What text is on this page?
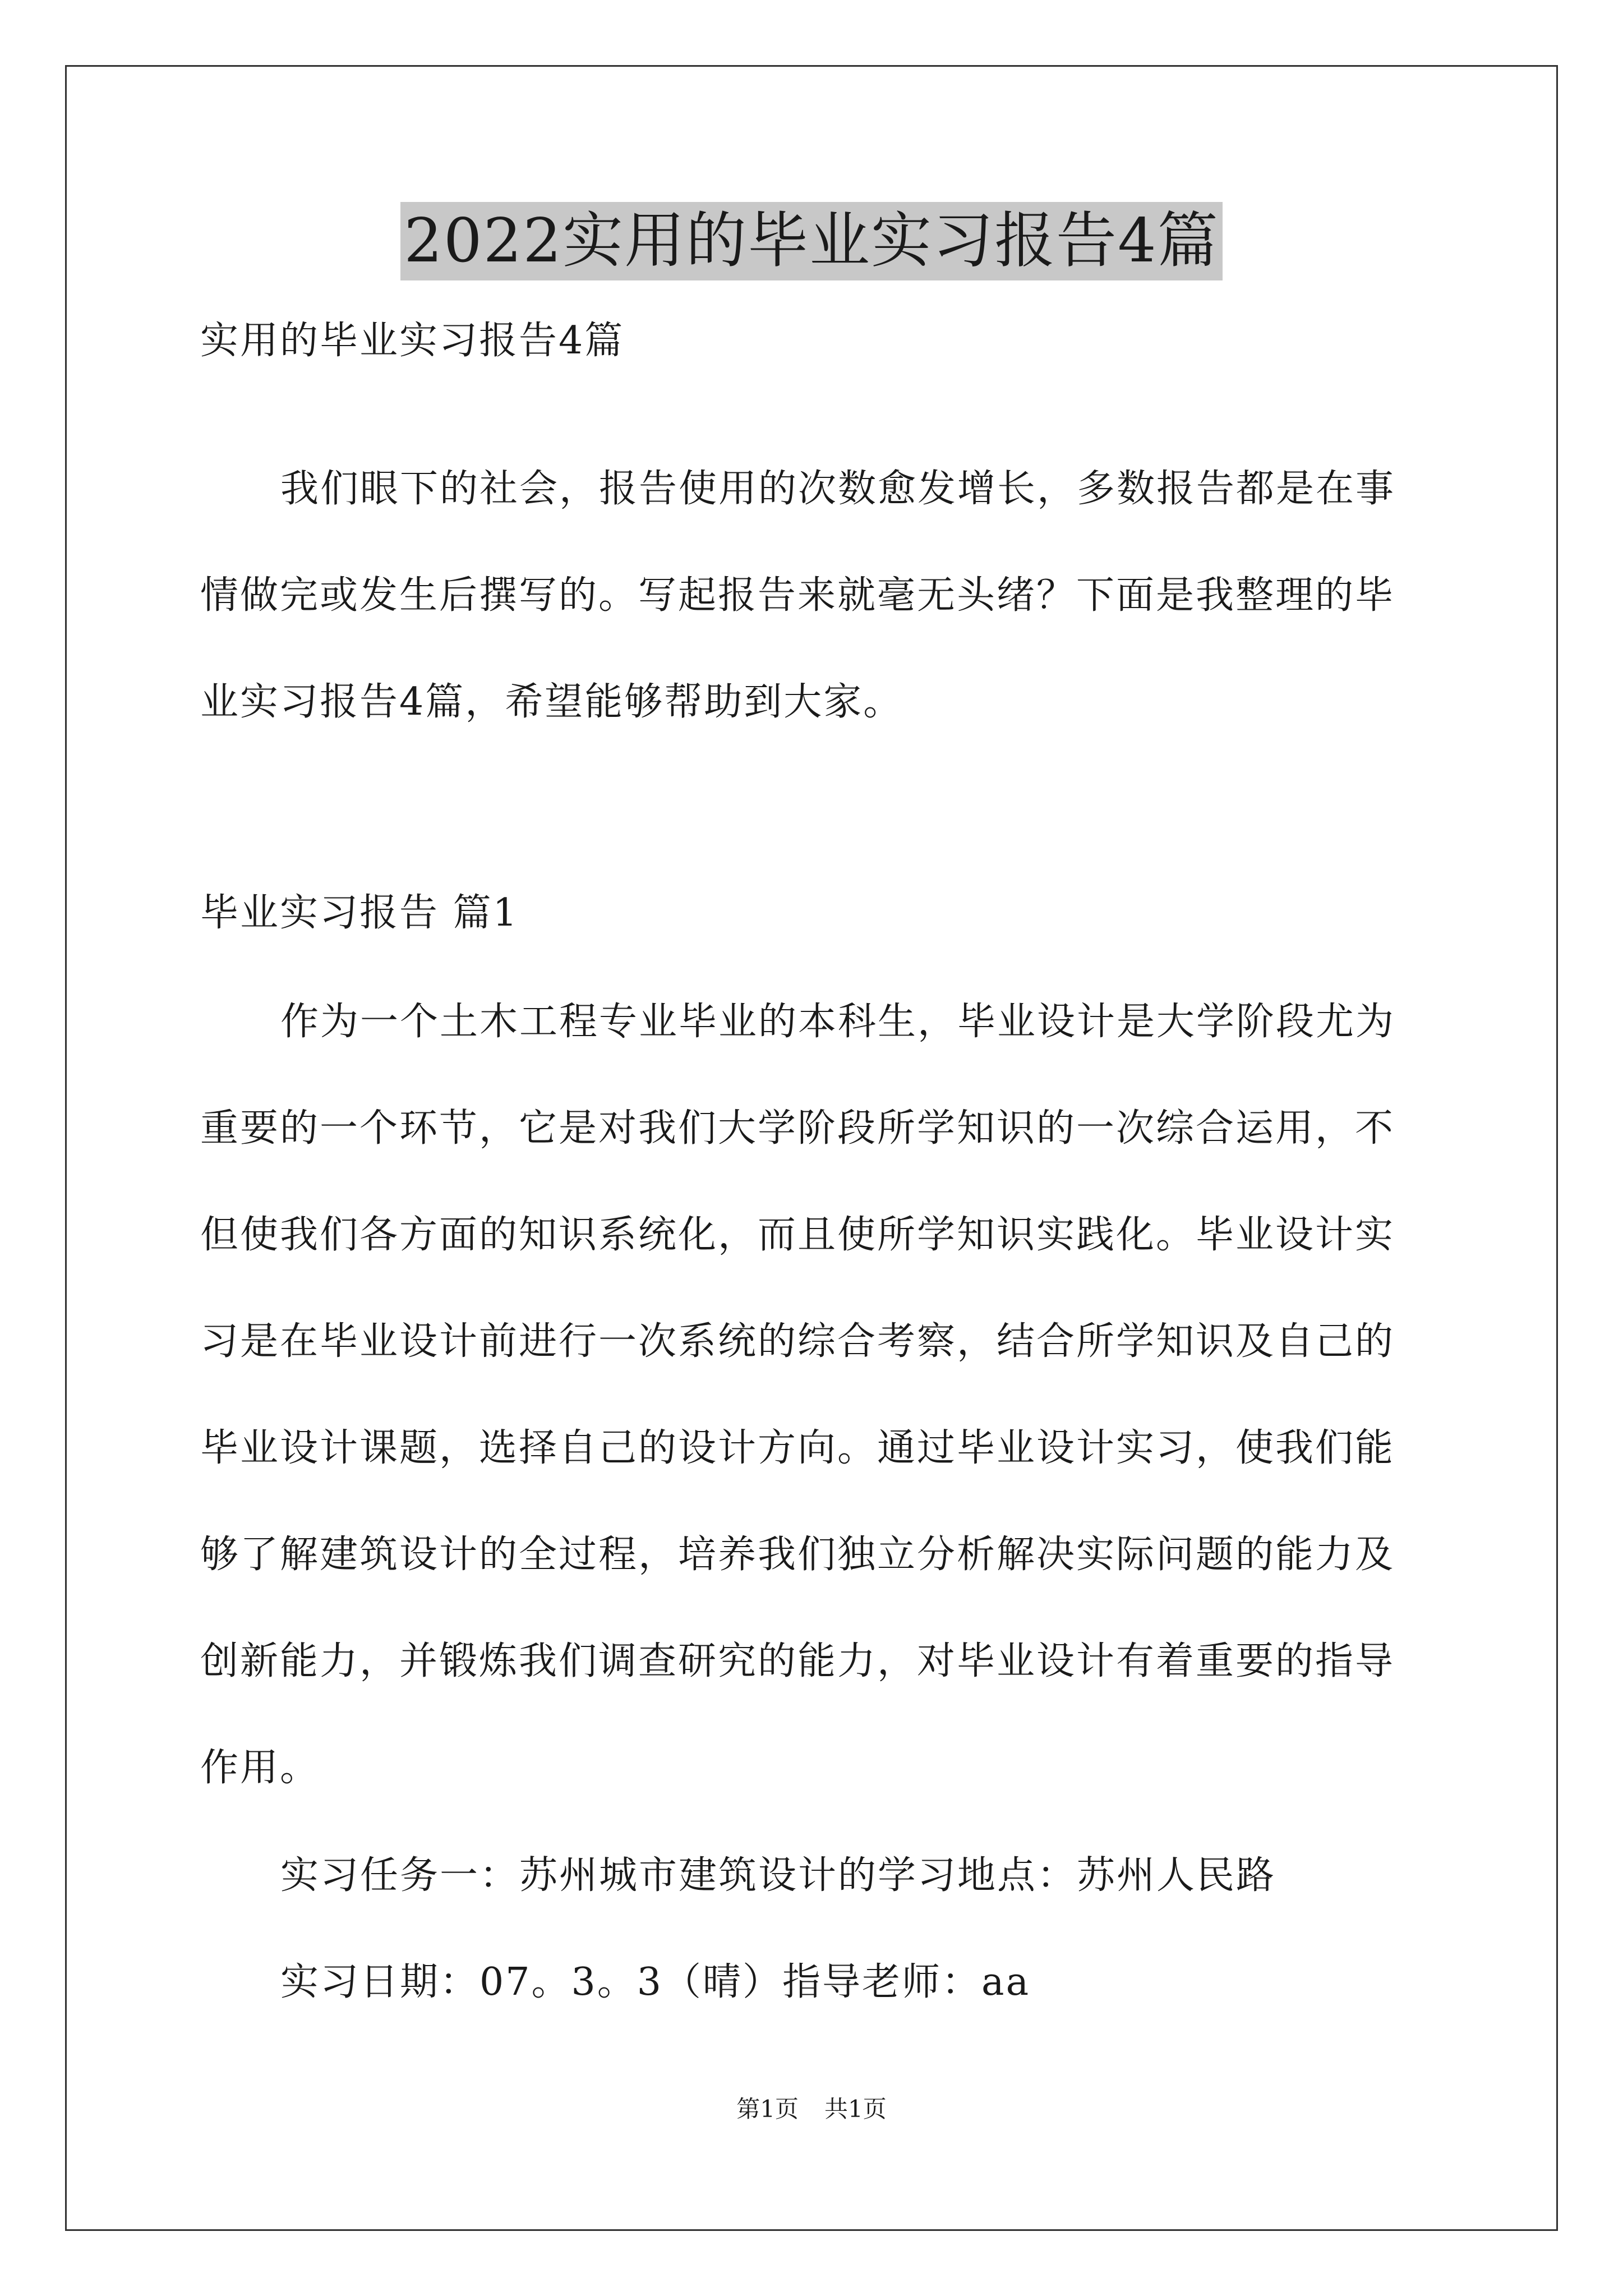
2022实用的毕业实习报告4篇
实用的毕业实习报告4篇
我们眼下的社会，报告使用的次数愈发增长，多数报告都是在事
情做完或发生后撰写的。写起报告来就毫无头绪？下面是我整理的毕
业实习报告4篇，希望能够帮助到大家。
毕业实习报告 篇1
作为一个土木工程专业毕业的本科生，毕业设计是大学阶段尤为
重要的一个环节，它是对我们大学阶段所学知识的一次综合运用，不
但使我们各方面的知识系统化，而且使所学知识实践化。毕业设计实
习是在毕业设计前进行一次系统的综合考察，结合所学知识及自己的
毕业设计课题，选择自己的设计方向。通过毕业设计实习，使我们能
够了解建筑设计的全过程，培养我们独立分析解决实际问题的能力及
创新能力，并锻炼我们调查研究的能力，对毕业设计有着重要的指导
作用。
实习任务一：苏州城市建筑设计的学习地点：苏州人民路
实习日期：07。3。3（晴）指导老师：aa
第1页 共1页
